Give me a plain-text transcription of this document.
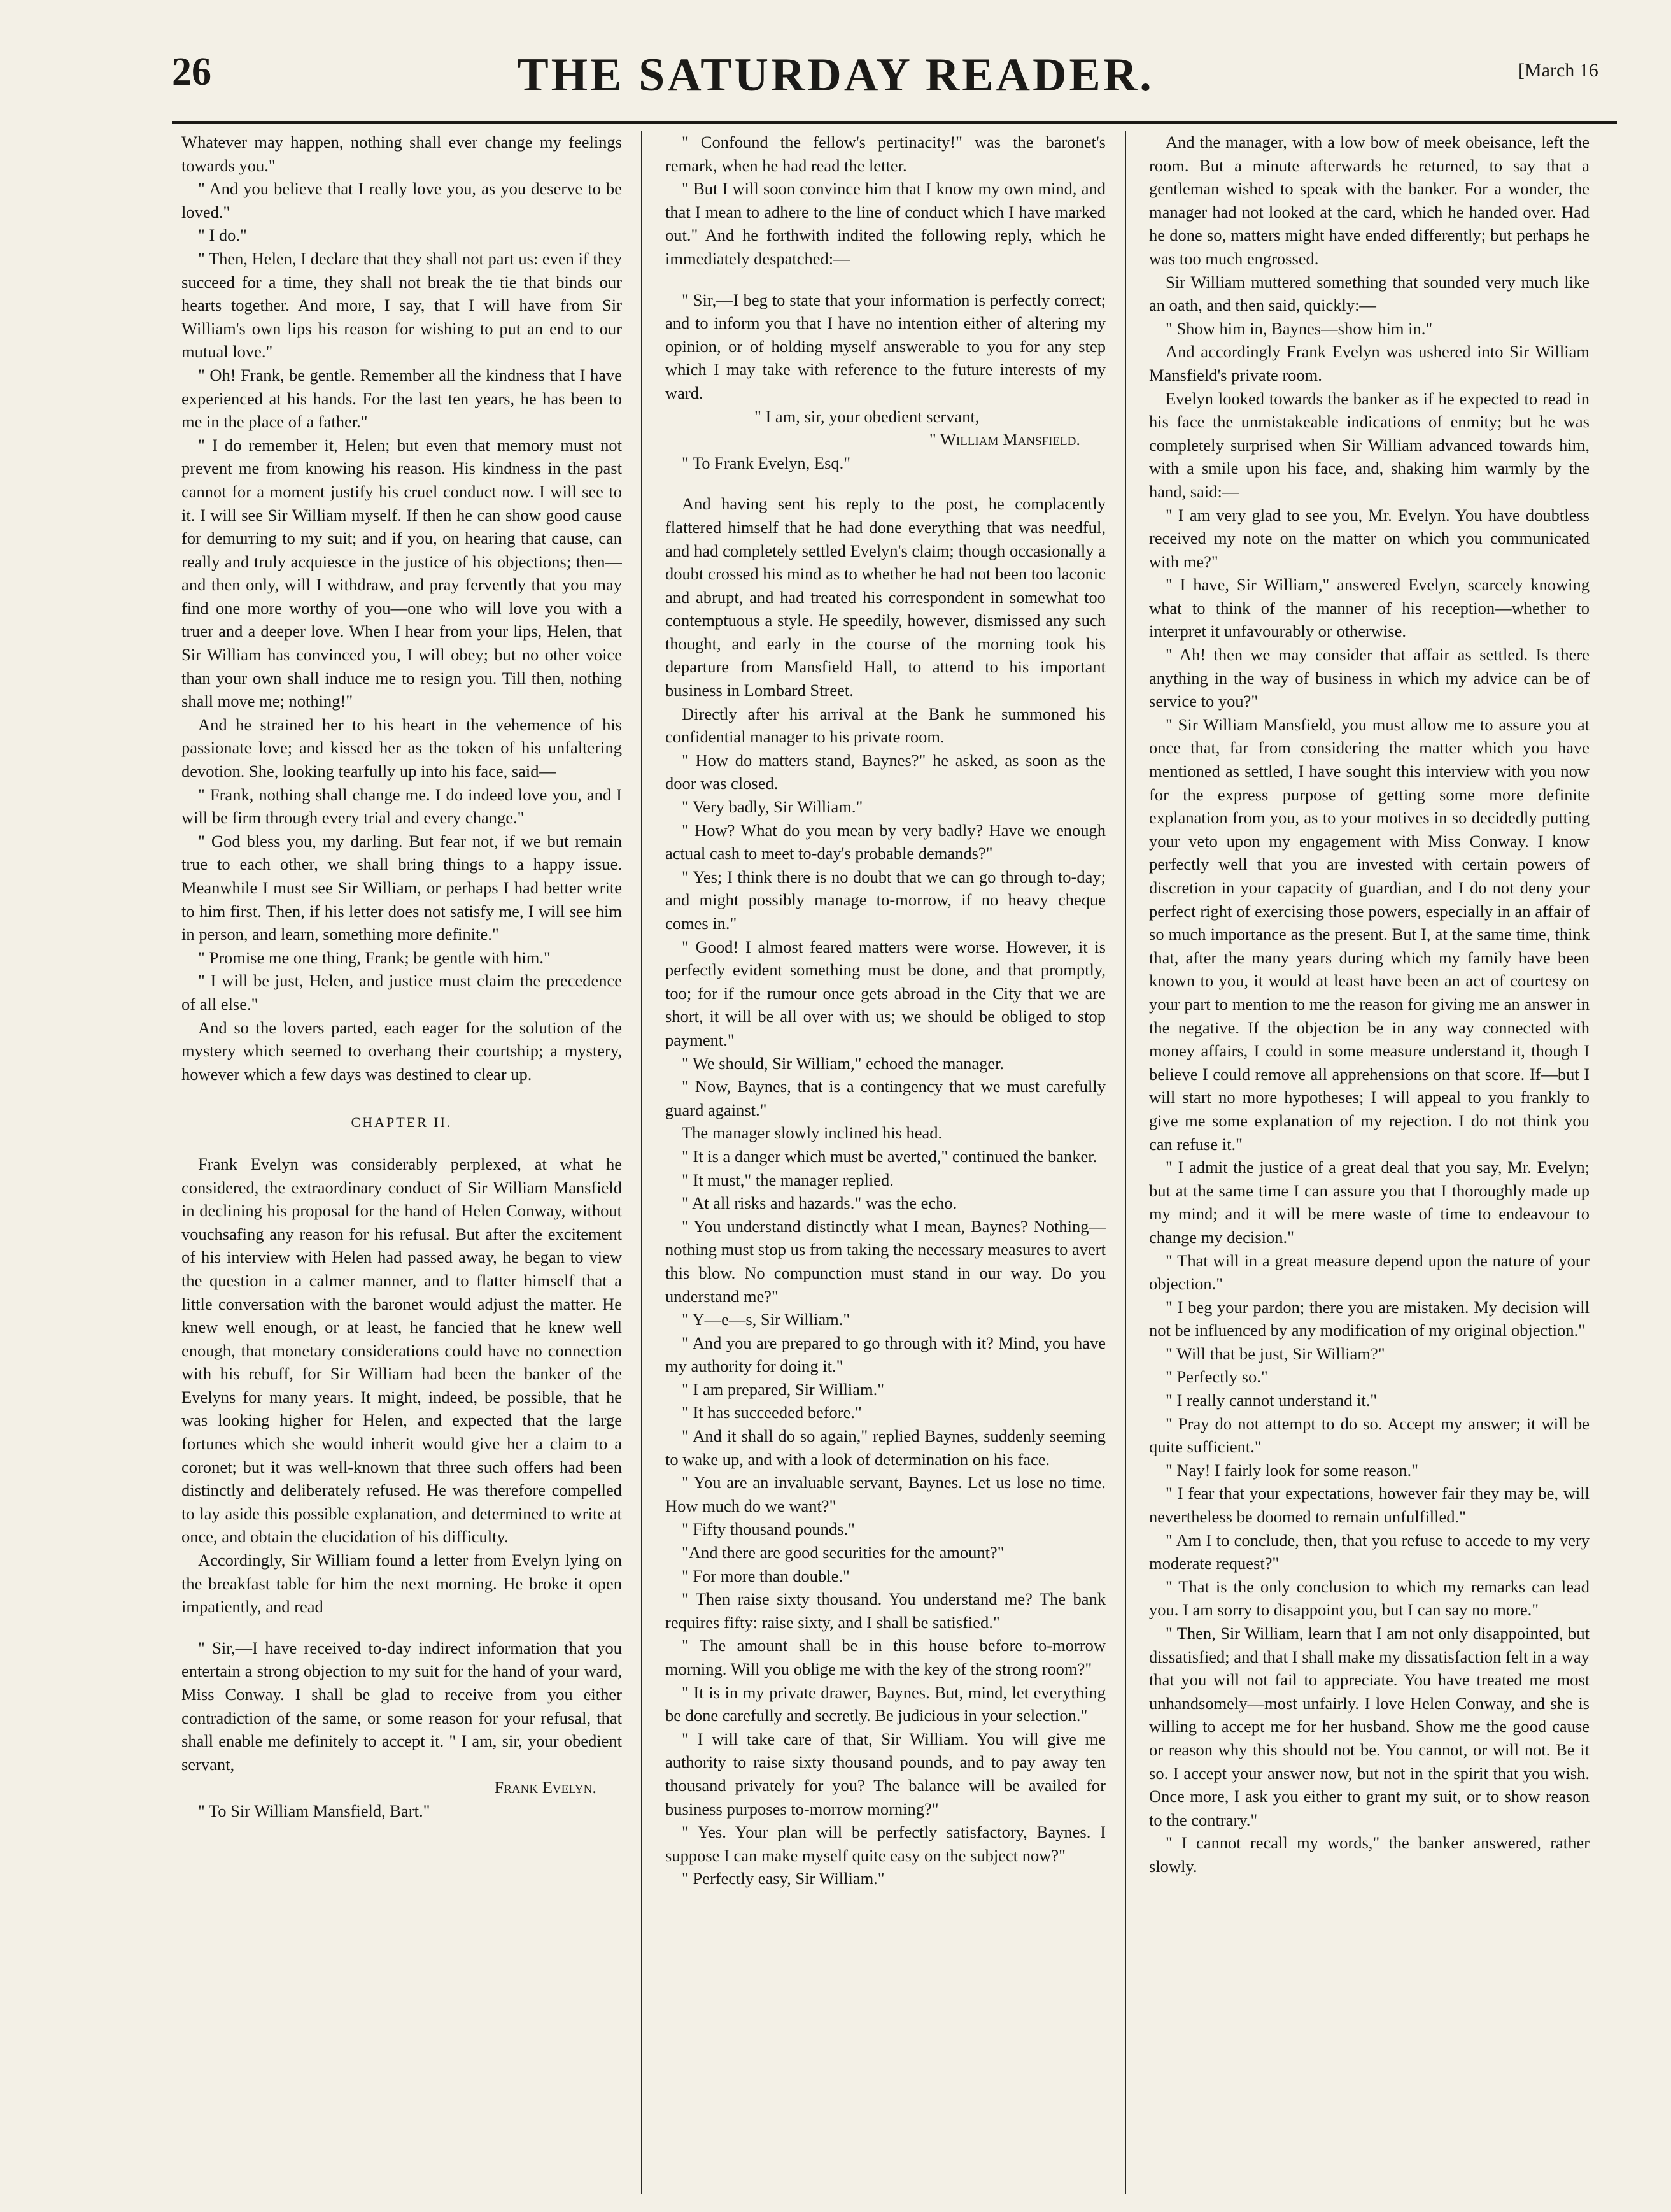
26	THE SATURDAY READER.	[March 16

Whatever may happen, nothing shall ever change my feelings towards you."

" And you believe that I really love you, as you deserve to be loved."

" I do."

" Then, Helen, I declare that they shall not part us: even if they succeed for a time, they shall not break the tie that binds our hearts together. And more, I say, that I will have from Sir William's own lips his reason for wishing to put an end to our mutual love."

" Oh! Frank, be gentle. Remember all the kindness that I have experienced at his hands. For the last ten years, he has been to me in the place of a father."

" I do remember it, Helen; but even that memory must not prevent me from knowing his reason. His kindness in the past cannot for a moment justify his cruel conduct now. I will see to it. I will see Sir William myself. If then he can show good cause for demurring to my suit; and if you, on hearing that cause, can really and truly acquiesce in the justice of his objections; then—and then only, will I withdraw, and pray fervently that you may find one more worthy of you—one who will love you with a truer and a deeper love. When I hear from your lips, Helen, that Sir William has convinced you, I will obey; but no other voice than your own shall induce me to resign you. Till then, nothing shall move me; nothing!"

And he strained her to his heart in the vehemence of his passionate love; and kissed her as the token of his unfaltering devotion. She, looking tearfully up into his face, said—

" Frank, nothing shall change me. I do indeed love you, and I will be firm through every trial and every change."

" God bless you, my darling. But fear not, if we but remain true to each other, we shall bring things to a happy issue. Meanwhile I must see Sir William, or perhaps I had better write to him first. Then, if his letter does not satisfy me, I will see him in person, and learn, something more definite."

" Promise me one thing, Frank; be gentle with him."

" I will be just, Helen, and justice must claim the precedence of all else."

And so the lovers parted, each eager for the solution of the mystery which seemed to overhang their courtship; a mystery, however which a few days was destined to clear up.

CHAPTER II.

Frank Evelyn was considerably perplexed, at what he considered, the extraordinary conduct of Sir William Mansfield in declining his proposal for the hand of Helen Conway, without vouchsafing any reason for his refusal. But after the excitement of his interview with Helen had passed away, he began to view the question in a calmer manner, and to flatter himself that a little conversation with the baronet would adjust the matter. He knew well enough, or at least, he fancied that he knew well enough, that monetary considerations could have no connection with his rebuff, for Sir William had been the banker of the Evelyns for many years. It might, indeed, be possible, that he was looking higher for Helen, and expected that the large fortunes which she would inherit would give her a claim to a coronet; but it was well-known that three such offers had been distinctly and deliberately refused. He was therefore compelled to lay aside this possible explanation, and determined to write at once, and obtain the elucidation of his difficulty.

Accordingly, Sir William found a letter from Evelyn lying on the breakfast table for him the next morning. He broke it open impatiently, and read

" Sir,—I have received to-day indirect information that you entertain a strong objection to my suit for the hand of your ward, Miss Conway. I shall be glad to receive from you either contradiction of the same, or some reason for your refusal, that shall enable me definitely to accept it. " I am, sir, your obedient servant,

Frank Evelyn.

" To Sir William Mansfield, Bart."

" Confound the fellow's pertinacity!" was the baronet's remark, when he had read the letter.

" But I will soon convince him that I know my own mind, and that I mean to adhere to the line of conduct which I have marked out." And he forthwith indited the following reply, which he immediately despatched:—

" Sir,—I beg to state that your information is perfectly correct; and to inform you that I have no intention either of altering my opinion, or of holding myself answerable to you for any step which I may take with reference to the future interests of my ward.

" I am, sir, your obedient servant,

" William Mansfield.

" To Frank Evelyn, Esq."

And having sent his reply to the post, he complacently flattered himself that he had done everything that was needful, and had completely settled Evelyn's claim; though occasionally a doubt crossed his mind as to whether he had not been too laconic and abrupt, and had treated his correspondent in somewhat too contemptuous a style. He speedily, however, dismissed any such thought, and early in the course of the morning took his departure from Mansfield Hall, to attend to his important business in Lombard Street.

Directly after his arrival at the Bank he summoned his confidential manager to his private room.

" How do matters stand, Baynes?" he asked, as soon as the door was closed.

" Very badly, Sir William."

" How? What do you mean by very badly? Have we enough actual cash to meet to-day's probable demands?"

" Yes; I think there is no doubt that we can go through to-day; and might possibly manage to-morrow, if no heavy cheque comes in."

" Good! I almost feared matters were worse. However, it is perfectly evident something must be done, and that promptly, too; for if the rumour once gets abroad in the City that we are short, it will be all over with us; we should be obliged to stop payment."

" We should, Sir William," echoed the manager.

" Now, Baynes, that is a contingency that we must carefully guard against."

The manager slowly inclined his head.

" It is a danger which must be averted," continued the banker.

" It must," the manager replied.

" At all risks and hazards." was the echo.

" You understand distinctly what I mean, Baynes? Nothing—nothing must stop us from taking the necessary measures to avert this blow. No compunction must stand in our way. Do you understand me?"

" Y—e—s, Sir William."

" And you are prepared to go through with it? Mind, you have my authority for doing it."

" I am prepared, Sir William."

" It has succeeded before."

" And it shall do so again," replied Baynes, suddenly seeming to wake up, and with a look of determination on his face.

" You are an invaluable servant, Baynes. Let us lose no time. How much do we want?"

" Fifty thousand pounds."

"And there are good securities for the amount?"

" For more than double."

" Then raise sixty thousand. You understand me? The bank requires fifty: raise sixty, and I shall be satisfied."

" The amount shall be in this house before to-morrow morning. Will you oblige me with the key of the strong room?"

" It is in my private drawer, Baynes. But, mind, let everything be done carefully and secretly. Be judicious in your selection."

" I will take care of that, Sir William. You will give me authority to raise sixty thousand pounds, and to pay away ten thousand privately for you? The balance will be availed for business purposes to-morrow morning?"

" Yes. Your plan will be perfectly satisfactory, Baynes. I suppose I can make myself quite easy on the subject now?"

" Perfectly easy, Sir William."

And the manager, with a low bow of meek obeisance, left the room. But a minute afterwards he returned, to say that a gentleman wished to speak with the banker. For a wonder, the manager had not looked at the card, which he handed over. Had he done so, matters might have ended differently; but perhaps he was too much engrossed.

Sir William muttered something that sounded very much like an oath, and then said, quickly:—

" Show him in, Baynes—show him in."

And accordingly Frank Evelyn was ushered into Sir William Mansfield's private room.

Evelyn looked towards the banker as if he expected to read in his face the unmistakeable indications of enmity; but he was completely surprised when Sir William advanced towards him, with a smile upon his face, and, shaking him warmly by the hand, said:—

" I am very glad to see you, Mr. Evelyn. You have doubtless received my note on the matter on which you communicated with me?"

" I have, Sir William," answered Evelyn, scarcely knowing what to think of the manner of his reception—whether to interpret it unfavourably or otherwise.

" Ah! then we may consider that affair as settled. Is there anything in the way of business in which my advice can be of service to you?"

" Sir William Mansfield, you must allow me to assure you at once that, far from considering the matter which you have mentioned as settled, I have sought this interview with you now for the express purpose of getting some more definite explanation from you, as to your motives in so decidedly putting your veto upon my engagement with Miss Conway. I know perfectly well that you are invested with certain powers of discretion in your capacity of guardian, and I do not deny your perfect right of exercising those powers, especially in an affair of so much importance as the present. But I, at the same time, think that, after the many years during which my family have been known to you, it would at least have been an act of courtesy on your part to mention to me the reason for giving me an answer in the negative. If the objection be in any way connected with money affairs, I could in some measure understand it, though I believe I could remove all apprehensions on that score. If—but I will start no more hypotheses; I will appeal to you frankly to give me some explanation of my rejection. I do not think you can refuse it."

" I admit the justice of a great deal that you say, Mr. Evelyn; but at the same time I can assure you that I thoroughly made up my mind; and it will be mere waste of time to endeavour to change my decision."

" That will in a great measure depend upon the nature of your objection."

" I beg your pardon; there you are mistaken. My decision will not be influenced by any modification of my original objection."

" Will that be just, Sir William?"

" Perfectly so."

" I really cannot understand it."

" Pray do not attempt to do so. Accept my answer; it will be quite sufficient."

" Nay! I fairly look for some reason."

" I fear that your expectations, however fair they may be, will nevertheless be doomed to remain unfulfilled."

" Am I to conclude, then, that you refuse to accede to my very moderate request?"

" That is the only conclusion to which my remarks can lead you. I am sorry to disappoint you, but I can say no more."

" Then, Sir William, learn that I am not only disappointed, but dissatisfied; and that I shall make my dissatisfaction felt in a way that you will not fail to appreciate. You have treated me most unhandsomely—most unfairly. I love Helen Conway, and she is willing to accept me for her husband. Show me the good cause or reason why this should not be. You cannot, or will not. Be it so. I accept your answer now, but not in the spirit that you wish. Once more, I ask you either to grant my suit, or to show reason to the contrary."

" I cannot recall my words," the banker answered, rather slowly.
